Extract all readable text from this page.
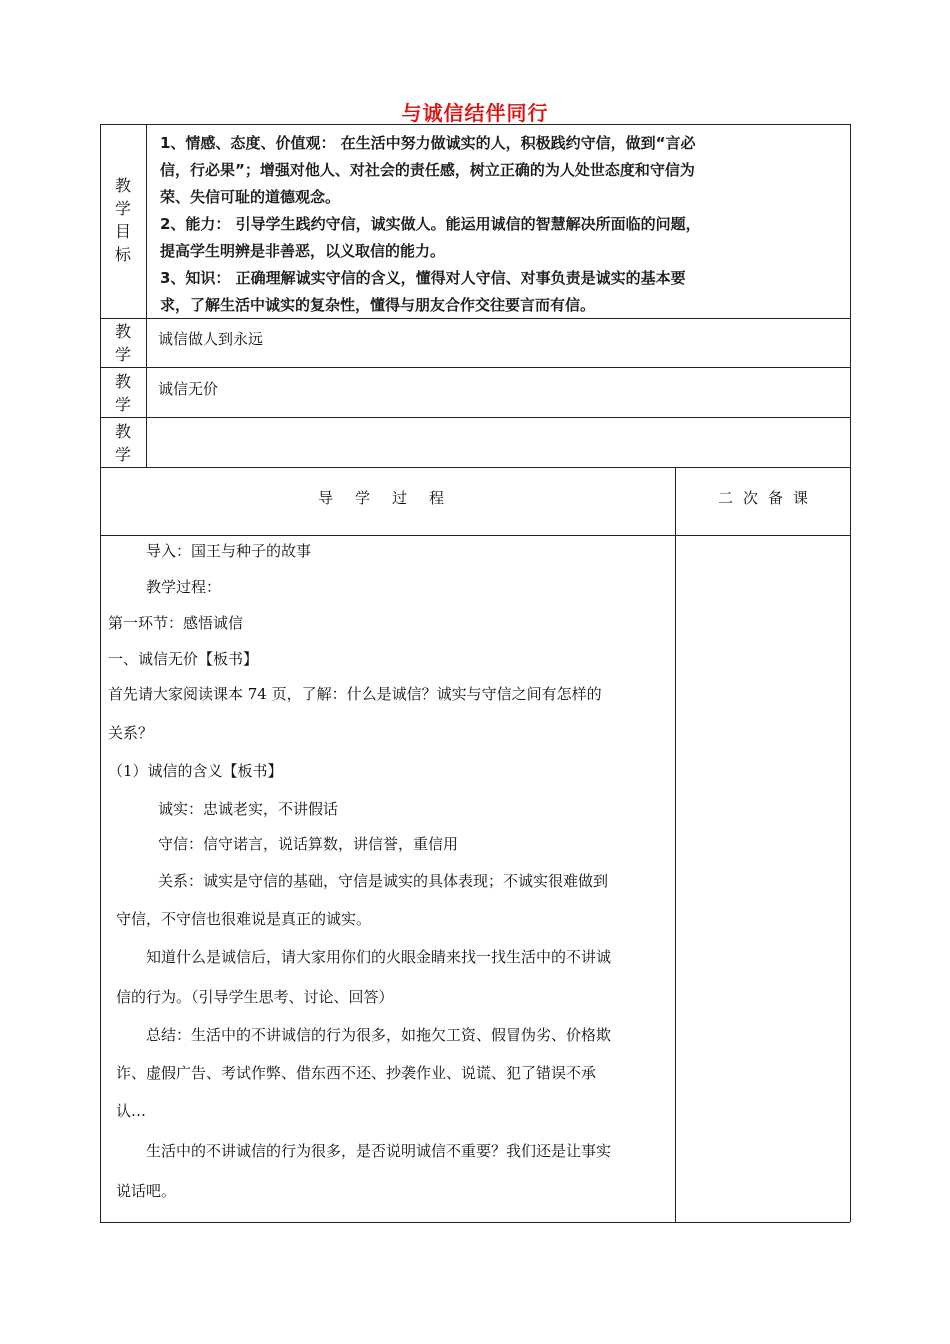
与诚信结伴同行
教
学
目
标

1、情感、态度、价值观： 在生活中努力做诚实的人，积极践约守信，做到“言必

信，行必果”；增强对他人、对社会的责任感，树立正确的为人处世态度和守信为

荣、失信可耻的道德观念。

2、能力： 引导学生践约守信，诚实做人。能运用诚信的智慧解决所面临的问题，

提高学生明辨是非善恶，以义取信的能力。

3、知识： 正确理解诚实守信的含义，懂得对人守信、对事负责是诚实的基本要

求，了解生活中诚实的复杂性，懂得与朋友合作交往要言而有信。

教
学
诚信做人到永远
教
学
诚信无价
教
学
导学过程	二次备课

导入：国王与种子的故事

教学过程：

第一环节：感悟诚信

一、诚信无价【板书】

首先请大家阅读课本 74 页，了解：什么是诚信？诚实与守信之间有怎样的

关系？

（1）诚信的含义【板书】

诚实：忠诚老实，不讲假话

守信：信守诺言，说话算数，讲信誉，重信用

关系：诚实是守信的基础，守信是诚实的具体表现；不诚实很难做到

守信，不守信也很难说是真正的诚实。

知道什么是诚信后，请大家用你们的火眼金睛来找一找生活中的不讲诚

信的行为。（引导学生思考、讨论、回答）

总结：生活中的不讲诚信的行为很多，如拖欠工资、假冒伪劣、价格欺

诈、虚假广告、考试作弊、借东西不还、抄袭作业、说谎、犯了错误不承

认…

生活中的不讲诚信的行为很多，是否说明诚信不重要？我们还是让事实

说话吧。
